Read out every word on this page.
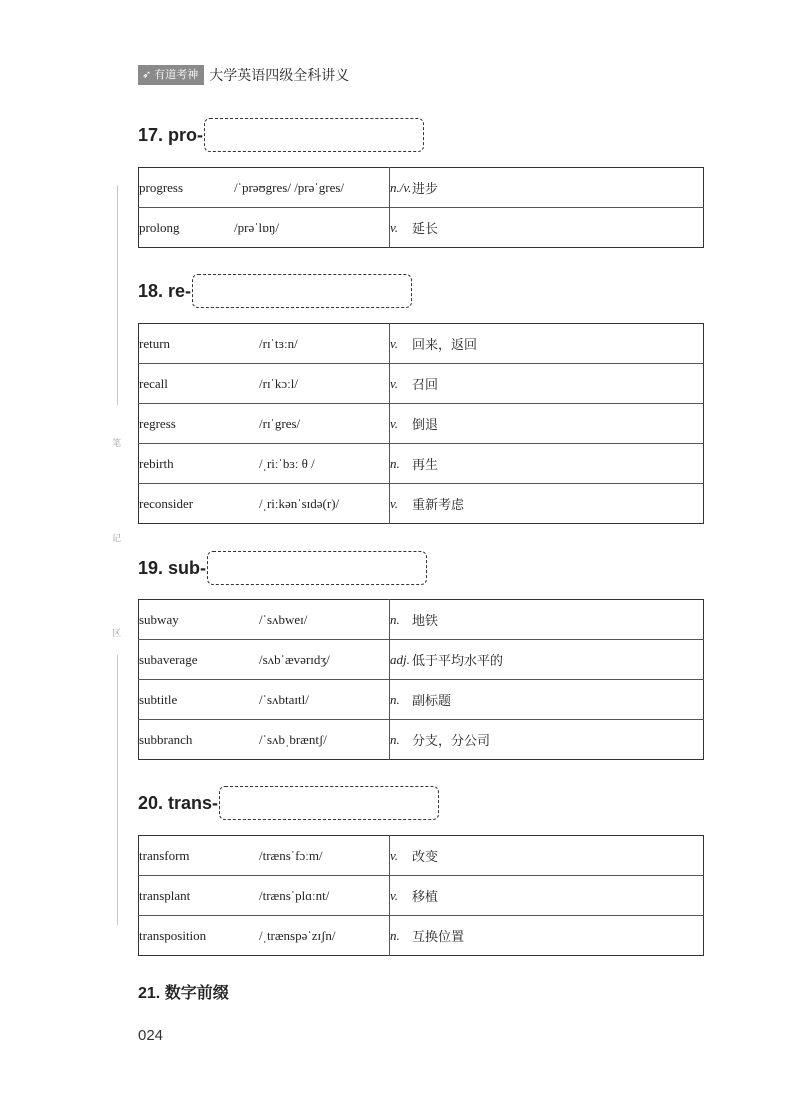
➶ 有道考神 大学英语四级全科讲义
笔
记
区
17. pro-
progress	/ˈprəʊgres/ /prəˈgres/	n./v.	进步
prolong	/prəˈlɒŋ/	v.	延长
18. re-
return	/rɪˈtɜːn/	v.	回来，返回
recall	/rɪˈkɔːl/	v.	召回
regress	/rɪˈgres/	v.	倒退
rebirth	/ˌriːˈbɜː θ /	n.	再生
reconsider	/ˌriːkənˈsɪdə(r)/	v.	重新考虑
19. sub-
subway	/ˈsʌbweɪ/	n.	地铁
subaverage	/sʌbˈævərɪdʒ/	adj.	低于平均水平的
subtitle	/ˈsʌbtaɪtl/	n.	副标题
subbranch	/ˈsʌbˌbræntʃ/	n.	分支，分公司
20. trans-
transform	/trænsˈfɔːm/	v.	改变
transplant	/trænsˈplɑːnt/	v.	移植
transposition	/ˌtrænspəˈzɪʃn/	n.	互换位置
21. 数字前缀
024
